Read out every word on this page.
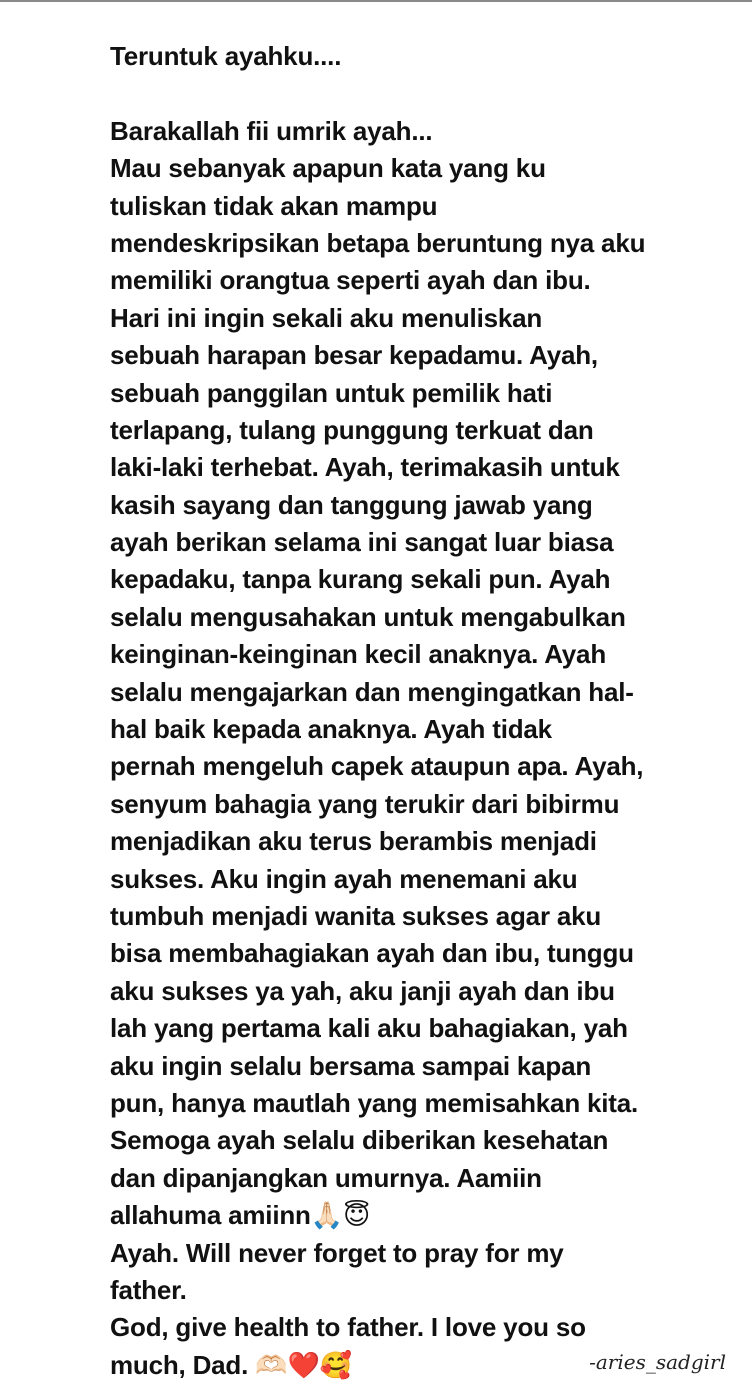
Teruntuk ayahku....
Barakallah fii umrik ayah...
Mau sebanyak apapun kata yang ku
tuliskan tidak akan mampu
mendeskripsikan betapa beruntung nya aku
memiliki orangtua seperti ayah dan ibu.
Hari ini ingin sekali aku menuliskan
sebuah harapan besar kepadamu. Ayah,
sebuah panggilan untuk pemilik hati
terlapang, tulang punggung terkuat dan
laki-laki terhebat. Ayah, terimakasih untuk
kasih sayang dan tanggung jawab yang
ayah berikan selama ini sangat luar biasa
kepadaku, tanpa kurang sekali pun. Ayah
selalu mengusahakan untuk mengabulkan
keinginan-keinginan kecil anaknya. Ayah
selalu mengajarkan dan mengingatkan hal-
hal baik kepada anaknya. Ayah tidak
pernah mengeluh capek ataupun apa. Ayah,
senyum bahagia yang terukir dari bibirmu
menjadikan aku terus berambis menjadi
sukses. Aku ingin ayah menemani aku
tumbuh menjadi wanita sukses agar aku
bisa membahagiakan ayah dan ibu, tunggu
aku sukses ya yah, aku janji ayah dan ibu
lah yang pertama kali aku bahagiakan, yah
aku ingin selalu bersama sampai kapan
pun, hanya mautlah yang memisahkan kita.
Semoga ayah selalu diberikan kesehatan
dan dipanjangkan umurnya. Aamiin
allahuma amiinn🙏🏻😇
Ayah. Will never forget to pray for my
father.
God, give health to father. I love you so
much, Dad. 🫶🏻❤️🥰	-aries_sadgirl
